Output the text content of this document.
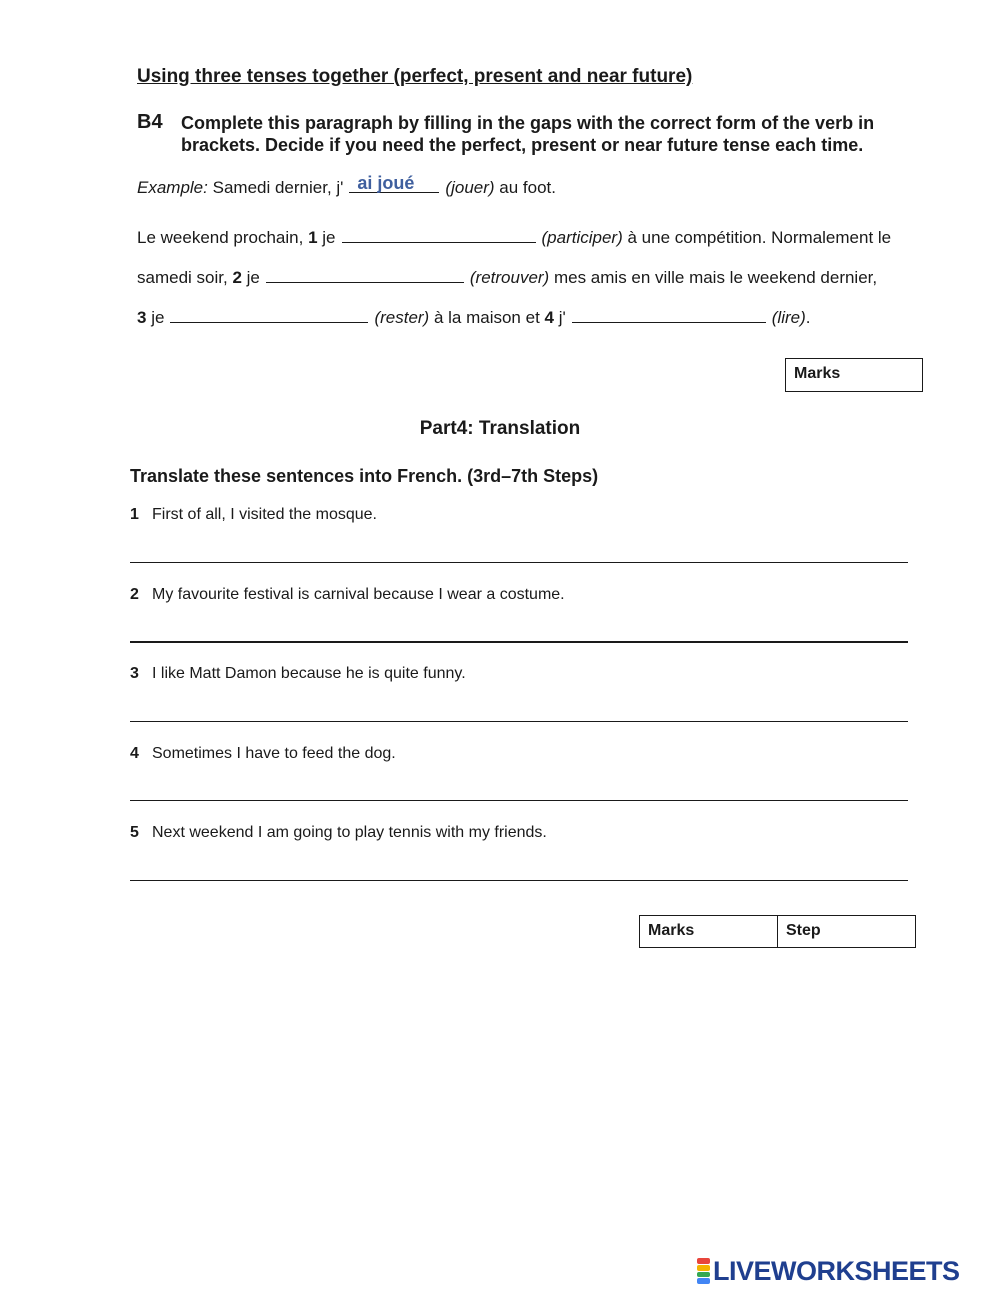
Using three tenses together (perfect, present and near future)
B4 Complete this paragraph by filling in the gaps with the correct form of the verb in brackets. Decide if you need the perfect, present or near future tense each time.
Example:
Samedi dernier, j' ai joué (jouer)
au foot.
Le weekend prochain,
1
je	(participer)
à une compétition. Normalement le
samedi soir,
2
je	(retrouver)
mes amis en ville mais le weekend dernier,
3
je	(rester)
à la maison et
4
j'	(lire) .
Marks
Part4: Translation
Translate these sentences into French. (3rd–7th Steps)
1 First of all, I visited the mosque.
2 My favourite festival is carnival because I wear a costume.
3 I like Matt Damon because he is quite funny.
4 Sometimes I have to feed the dog.
5 Next weekend I am going to play tennis with my friends.
Marks	Step
LIVEWORKSHEETS
